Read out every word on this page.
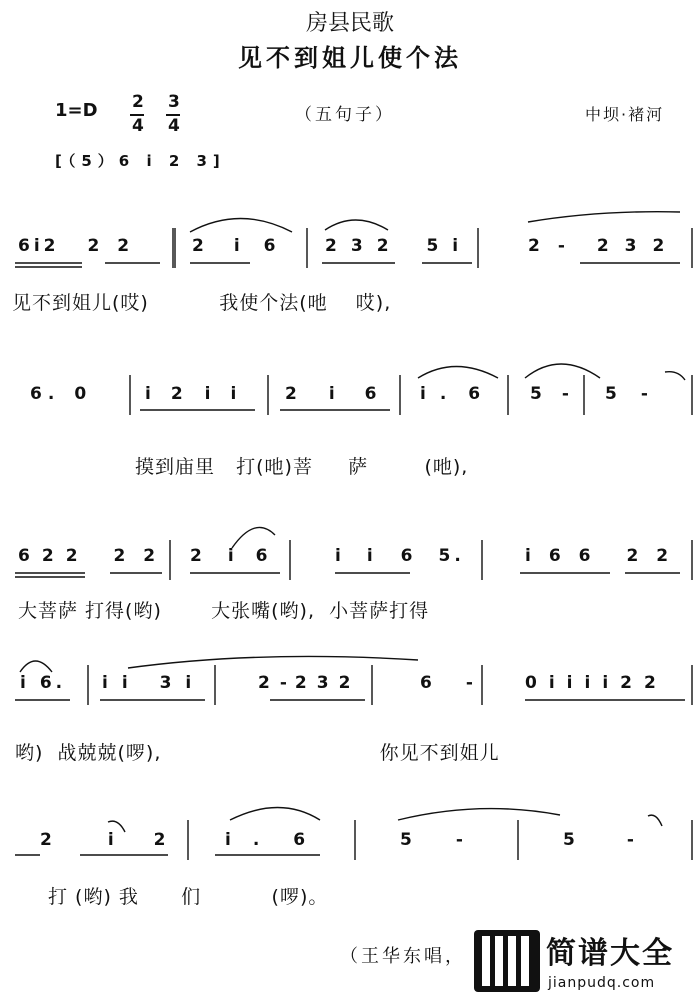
房县民歌
见不到姐儿使个法
1=D 2
4
3
4
（五句子）	中坝·褚河
[（5）6 i 2 3]
6i2 2 2	2 i 6	2 3 2 5 i	2 - 2 3 2
见不到姐儿(哎)          我使个法(吔    哎),
6. 0	i 2 i i	2 i 6 i . 6	5 - 5 -
摸到庙里   打(吔)菩     萨        (吔),
6 2 2 2 2 2 i 6	i i 6 5.	i 6 6 2 2
大菩萨 打得(哟)       大张嘴(哟),  小菩萨打得
i 6. i i 3 i	2 - 2 3 2	6 -	0 i i i i 2 2
哟)  战兢兢(啰),                               你见不到姐儿
2	i 2	i . 6	5 -	5	-
打 (哟) 我      们          (啰)。
（王华东唱，	简谱大全
jianpudq.com
